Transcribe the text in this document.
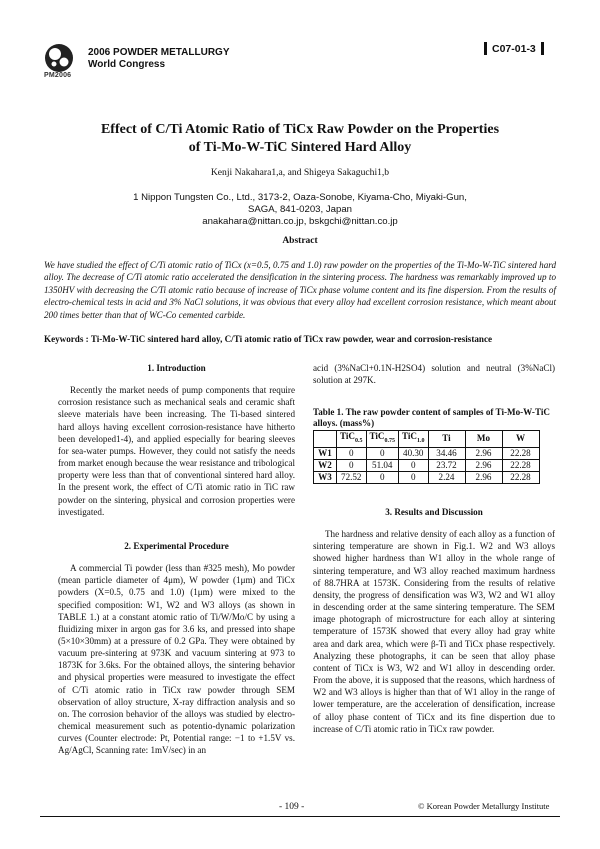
PM2006
2006 POWDER METALLURGY
World Congress
C07-01-3
Effect of C/Ti Atomic Ratio of TiCx Raw Powder on the Properties
of Ti-Mo-W-TiC Sintered Hard Alloy
Kenji Nakahara1,a, and Shigeya Sakaguchi1,b
1 Nippon Tungsten Co., Ltd., 3173-2, Oaza-Sonobe, Kiyama-Cho, Miyaki-Gun,
SAGA, 841-0203, Japan
anakahara@nittan.co.jp, bskgchi@nittan.co.jp
Abstract
We have studied the effect of C/Ti atomic ratio of TiCx (x=0.5, 0.75 and 1.0) raw powder on the properties of the Ti-Mo-W-TiC sintered hard alloy. The decrease of C/Ti atomic ratio accelerated the densification in the sintering process. The hardness was remarkably improved up to 1350HV with decreasing the C/Ti atomic ratio because of increase of TiCx phase volume content and its fine dispersion. From the results of electro-chemical tests in acid and 3% NaCl solutions, it was obvious that every alloy had excellent corrosion resistance, which meant about 200 times better than that of WC-Co cemented carbide.
Keywords : Ti-Mo-W-TiC sintered hard alloy, C/Ti atomic ratio of TiCx raw powder, wear and corrosion-resistance
1. Introduction

Recently the market needs of pump components that require corrosion resistance such as mechanical seals and ceramic shaft sleeve materials have been increasing. The Ti-based sintered hard alloys having excellent corrosion-resistance have hitherto been developed1-4), and applied especially for bearing sleeves for sea-water pumps. However, they could not satisfy the needs from market enough because the wear resistance and tribological property were less than that of conventional sintered hard alloy. In the present work, the effect of C/Ti atomic ratio in TiC raw powder on the sintering, physical and corrosion properties were investigated.

2. Experimental Procedure

A commercial Ti powder (less than #325 mesh), Mo powder (mean particle diameter of 4μm), W powder (1μm) and TiCx powders (X=0.5, 0.75 and 1.0) (1μm) were mixed to the specified composition: W1, W2 and W3 alloys (as shown in TABLE 1.) at a constant atomic ratio of Ti/W/Mo/C by using a fluidizing mixer in argon gas for 3.6 ks, and pressed into shape (5×10×30mm) at a pressure of 0.2 GPa. They were obtained by vacuum pre-sintering at 973K and vacuum sintering at 973 to 1873K for 3.6ks. For the obtained alloys, the sintering behavior and physical properties were measured to investigate the effect of C/Ti atomic ratio in TiCx raw powder through SEM observation of alloy structure, X-ray diffraction analysis and so on. The corrosion behavior of the alloys was studied by electro-chemical measurement such as potentio-dynamic polarization curves (Counter electrode: Pt, Potential range: −1 to +1.5V vs. Ag/AgCl, Scanning rate: 1mV/sec) in an

acid (3%NaCl+0.1N-H2SO4) solution and neutral (3%NaCl) solution at 297K.

Table 1. The raw powder content of samples of Ti-Mo-W-TiC alloys. (mass%)
	TiC$_{0.5}$	TiC$_{0.75}$	TiC$_{1.0}$	Ti	Mo	W
W1	0	0	40.30	34.46	2.96	22.28
W2	0	51.04	0	23.72	2.96	22.28
W3	72.52	0	0	2.24	2.96	22.28
3. Results and Discussion

The hardness and relative density of each alloy as a function of sintering temperature are shown in Fig.1. W2 and W3 alloys showed higher hardness than W1 alloy in the whole range of sintering temperature, and W3 alloy reached maximum hardness of 88.7HRA at 1573K. Considering from the results of relative density, the progress of densification was W3, W2 and W1 alloy in descending order at the same sintering temperature. The SEM image photograph of microstructure for each alloy at sintering temperature of 1573K showed that every alloy had gray white area and dark area, which were β-Ti and TiCx phase respectively. Analyzing these photographs, it can be seen that alloy phase content of TiCx is W3, W2 and W1 alloy in descending order. From the above, it is supposed that the reasons, which hardness of W2 and W3 alloys is higher than that of W1 alloy in the range of lower temperature, are the acceleration of densification, increase of alloy phase content of TiCx and its fine dispertion due to increase of C/Ti atomic ratio in TiCx raw powder.

- 109 -	© Korean Powder Metallurgy Institute
